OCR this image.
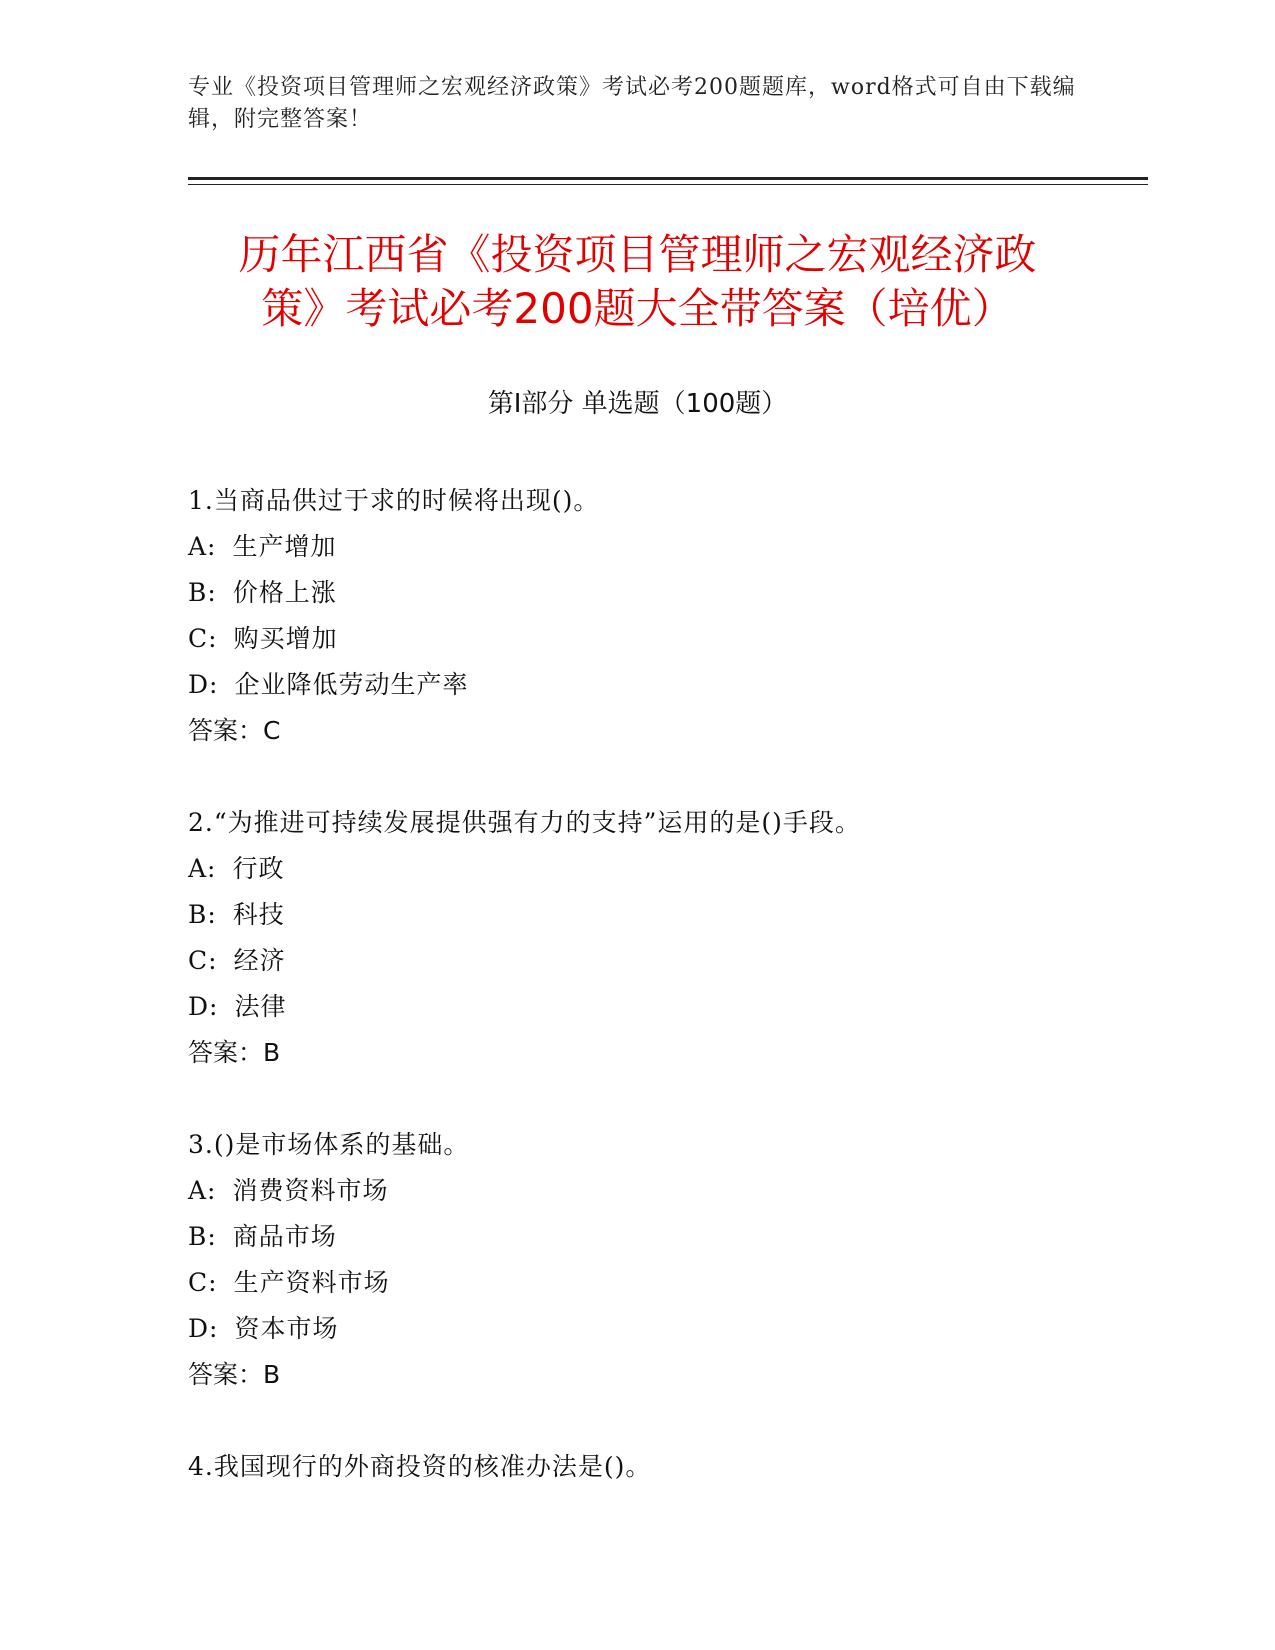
专业《投资项目管理师之宏观经济政策》考试必考200题题库，word格式可自由下载编辑，附完整答案！
历年江西省《投资项目管理师之宏观经济政
策》考试必考200题大全带答案（培优）
第Ⅰ部分 单选题（100题）
1.当商品供过于求的时候将出现()。
A: 生产增加
B: 价格上涨
C: 购买增加
D: 企业降低劳动生产率
答案：C
2.“为推进可持续发展提供强有力的支持”运用的是()手段。
A: 行政
B: 科技
C: 经济
D: 法律
答案：B
3.()是市场体系的基础。
A: 消费资料市场
B: 商品市场
C: 生产资料市场
D: 资本市场
答案：B
4.我国现行的外商投资的核准办法是()。
